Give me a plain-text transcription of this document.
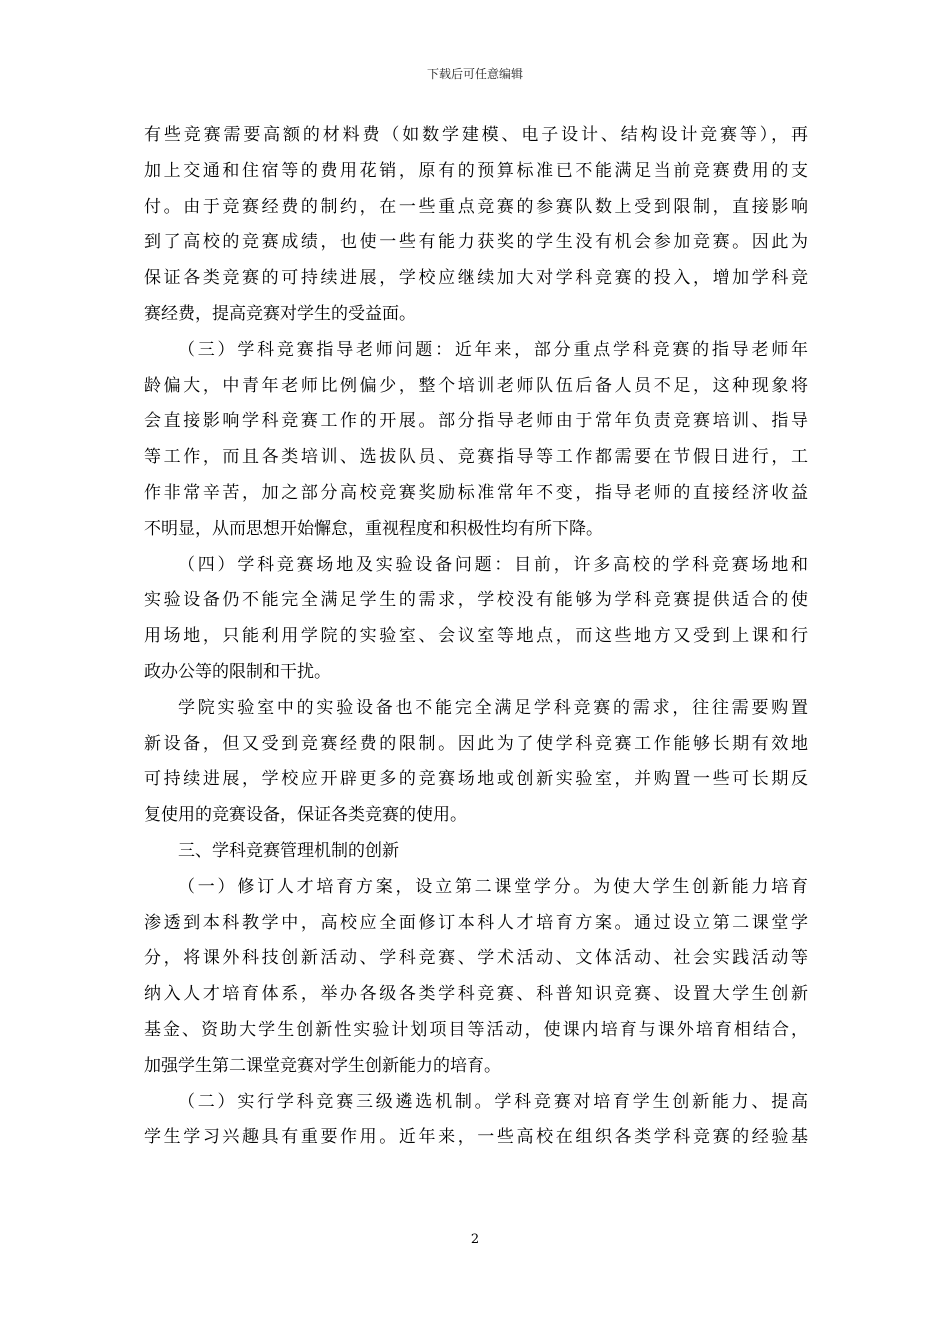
下载后可任意编辑
有些竞赛需要高额的材料费（如数学建模、电子设计、结构设计竞赛等），再
加上交通和住宿等的费用花销，原有的预算标准已不能满足当前竞赛费用的支
付。由于竞赛经费的制约，在一些重点竞赛的参赛队数上受到限制，直接影响
到了高校的竞赛成绩，也使一些有能力获奖的学生没有机会参加竞赛。因此为
保证各类竞赛的可持续进展，学校应继续加大对学科竞赛的投入，增加学科竞
赛经费，提高竞赛对学生的受益面。
（三）学科竞赛指导老师问题：近年来，部分重点学科竞赛的指导老师年
龄偏大，中青年老师比例偏少，整个培训老师队伍后备人员不足，这种现象将
会直接影响学科竞赛工作的开展。部分指导老师由于常年负责竞赛培训、指导
等工作，而且各类培训、选拔队员、竞赛指导等工作都需要在节假日进行，工
作非常辛苦，加之部分高校竞赛奖励标准常年不变，指导老师的直接经济收益
不明显，从而思想开始懈怠，重视程度和积极性均有所下降。
（四）学科竞赛场地及实验设备问题：目前，许多高校的学科竞赛场地和
实验设备仍不能完全满足学生的需求，学校没有能够为学科竞赛提供适合的使
用场地，只能利用学院的实验室、会议室等地点，而这些地方又受到上课和行
政办公等的限制和干扰。
学院实验室中的实验设备也不能完全满足学科竞赛的需求，往往需要购置
新设备，但又受到竞赛经费的限制。因此为了使学科竞赛工作能够长期有效地
可持续进展，学校应开辟更多的竞赛场地或创新实验室，并购置一些可长期反
复使用的竞赛设备，保证各类竞赛的使用。
三、学科竞赛管理机制的创新
（一）修订人才培育方案，设立第二课堂学分。为使大学生创新能力培育
渗透到本科教学中，高校应全面修订本科人才培育方案。通过设立第二课堂学
分，将课外科技创新活动、学科竞赛、学术活动、文体活动、社会实践活动等
纳入人才培育体系，举办各级各类学科竞赛、科普知识竞赛、设置大学生创新
基金、资助大学生创新性实验计划项目等活动，使课内培育与课外培育相结合，
加强学生第二课堂竞赛对学生创新能力的培育。
（二）实行学科竞赛三级遴选机制。学科竞赛对培育学生创新能力、提高
学生学习兴趣具有重要作用。近年来，一些高校在组织各类学科竞赛的经验基
2
